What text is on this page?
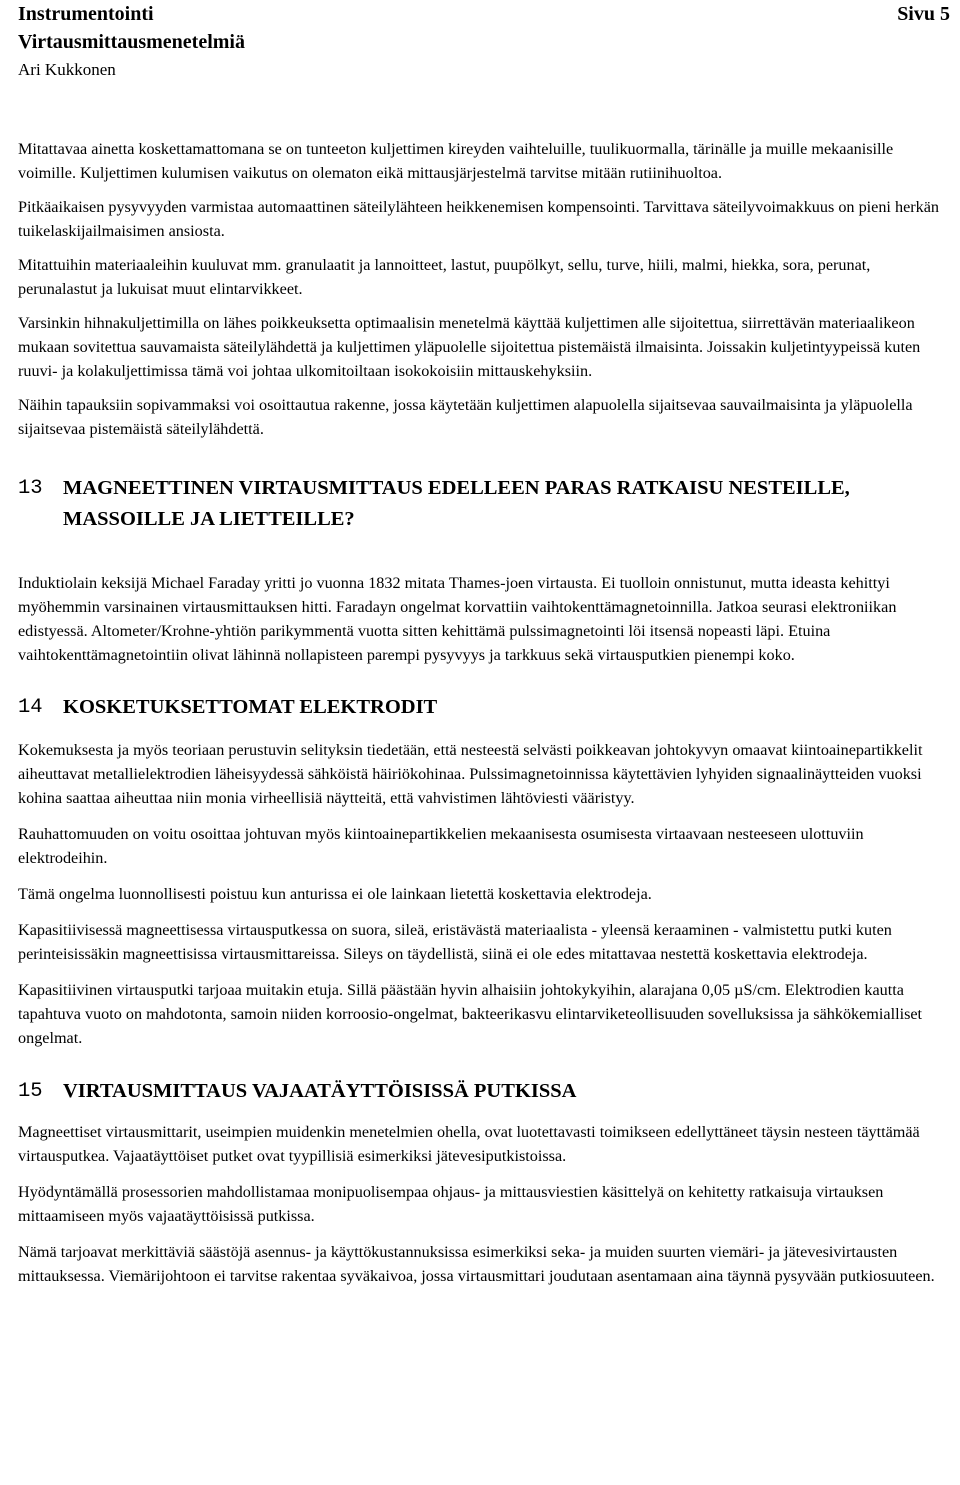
Instrumentointi	Sivu 5
Virtausmittausmenetelmiä
Ari Kukkonen

Mitattavaa ainetta koskettamattomana se on tunteeton kuljettimen kireyden vaihteluille, tuulikuormalla, tärinälle ja muille mekaanisille voimille. Kuljettimen kulumisen vaikutus on olematon eikä mittausjärjestelmä tarvitse mitään rutiinihuoltoa.

Pitkäaikaisen pysyvyyden varmistaa automaattinen säteilylähteen heikkenemisen kompensointi. Tarvittava säteilyvoimakkuus on pieni herkän tuikelaskijailmaisimen ansiosta.

Mitattuihin materiaaleihin kuuluvat mm. granulaatit ja lannoitteet, lastut, puupölkyt, sellu, turve, hiili, malmi, hiekka, sora, perunat, perunalastut ja lukuisat muut elintarvikkeet.

Varsinkin hihnakuljettimilla on lähes poikkeuksetta optimaalisin menetelmä käyttää kuljettimen alle sijoitettua, siirrettävän materiaalikeon mukaan sovitettua sauvamaista säteilylähdettä ja kuljettimen yläpuolelle sijoitettua pistemäistä ilmaisinta. Joissakin kuljetintyypeissä kuten ruuvi- ja kolakuljettimissa tämä voi johtaa ulkomitoiltaan isokokoisiin mittauskehyksiin.

Näihin tapauksiin sopivammaksi voi osoittautua rakenne, jossa käytetään kuljettimen alapuolella sijaitsevaa sauvailmaisinta ja yläpuolella sijaitsevaa pistemäistä säteilylähdettä.

13 MAGNEETTINEN VIRTAUSMITTAUS EDELLEEN PARAS RATKAISU NESTEILLE, MASSOILLE JA LIETTEILLE?

Induktiolain keksijä Michael Faraday yritti jo vuonna 1832 mitata Thames-joen virtausta. Ei tuolloin onnistunut, mutta ideasta kehittyi myöhemmin varsinainen virtausmittauksen hitti. Faradayn ongelmat korvattiin vaihtokenttämagnetoinnilla. Jatkoa seurasi elektroniikan edistyessä. Altometer/Krohne-yhtiön parikymmentä vuotta sitten kehittämä pulssimagnetointi löi itsensä nopeasti läpi. Etuina vaihtokenttämagnetointiin olivat lähinnä nollapisteen parempi pysyvyys ja tarkkuus sekä virtausputkien pienempi koko.

14 KOSKETUKSETTOMAT ELEKTRODIT

Kokemuksesta ja myös teoriaan perustuvin selityksin tiedetään, että nesteestä selvästi poikkeavan johtokyvyn omaavat kiintoainepartikkelit aiheuttavat metallielektrodien läheisyydessä sähköistä häiriökohinaa. Pulssimagnetoinnissa käytettävien lyhyiden signaalinäytteiden vuoksi kohina saattaa aiheuttaa niin monia virheellisiä näytteitä, että vahvistimen lähtöviesti vääristyy.

Rauhattomuuden on voitu osoittaa johtuvan myös kiintoainepartikkelien mekaanisesta osumisesta virtaavaan nesteeseen ulottuviin elektrodeihin.

Tämä ongelma luonnollisesti poistuu kun anturissa ei ole lainkaan lietettä koskettavia elektrodeja.

Kapasitiivisessä magneettisessa virtausputkessa on suora, sileä, eristävästä materiaalista - yleensä keraaminen - valmistettu putki kuten perinteisissäkin magneettisissa virtausmittareissa. Sileys on täydellistä, siinä ei ole edes mitattavaa nestettä koskettavia elektrodeja.

Kapasitiivinen virtausputki tarjoaa muitakin etuja. Sillä päästään hyvin alhaisiin johtokykyihin, alarajana 0,05 µS/cm. Elektrodien kautta tapahtuva vuoto on mahdotonta, samoin niiden korroosio-ongelmat, bakteerikasvu elintarviketeollisuuden sovelluksissa ja sähkökemialliset ongelmat.

15 VIRTAUSMITTAUS VAJAATÄYTTÖISISSÄ PUTKISSA

Magneettiset virtausmittarit, useimpien muidenkin menetelmien ohella, ovat luotettavasti toimikseen edellyttäneet täysin nesteen täyttämää virtausputkea. Vajaatäyttöiset putket ovat tyypillisiä esimerkiksi jätevesiputkistoissa.

Hyödyntämällä prosessorien mahdollistamaa monipuolisempaa ohjaus- ja mittausviestien käsittelyä on kehitetty ratkaisuja virtauksen mittaamiseen myös vajaatäyttöisissä putkissa.

Nämä tarjoavat merkittäviä säästöjä asennus- ja käyttökustannuksissa esimerkiksi seka- ja muiden suurten viemäri- ja jätevesivirtausten mittauksessa. Viemärijohtoon ei tarvitse rakentaa syväkaivoa, jossa virtausmittari joudutaan asentamaan aina täynnä pysyvään putkiosuuteen.
